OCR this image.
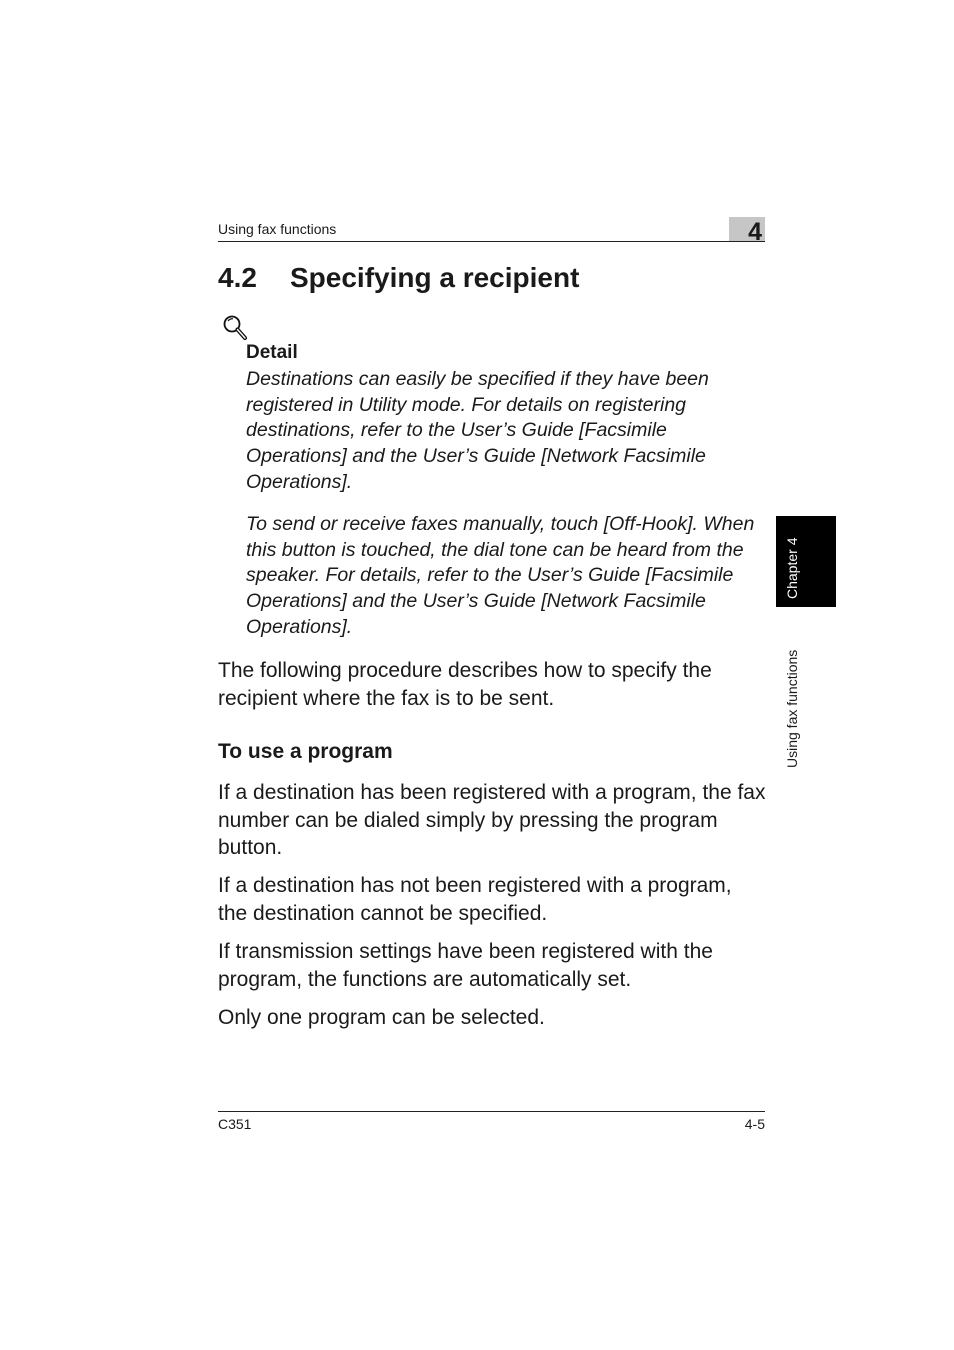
Using fax functions	4
4.2 Specifying a recipient
Detail
Destinations can easily be specified if they have been registered in Utility mode. For details on registering destinations, refer to the User’s Guide [Facsimile Operations] and the User’s Guide [Network Facsimile Operations].
To send or receive faxes manually, touch [Off-Hook]. When this button is touched, the dial tone can be heard from the speaker. For details, refer to the User’s Guide [Facsimile Operations] and the User’s Guide [Network Facsimile Operations].
The following procedure describes how to specify the recipient where the fax is to be sent.
To use a program
If a destination has been registered with a program, the fax number can be dialed simply by pressing the program button.
If a destination has not been registered with a program, the destination cannot be specified.
If transmission settings have been registered with the program, the functions are automatically set.
Only one program can be selected.
Chapter 4
Using fax functions
C351	4-5
